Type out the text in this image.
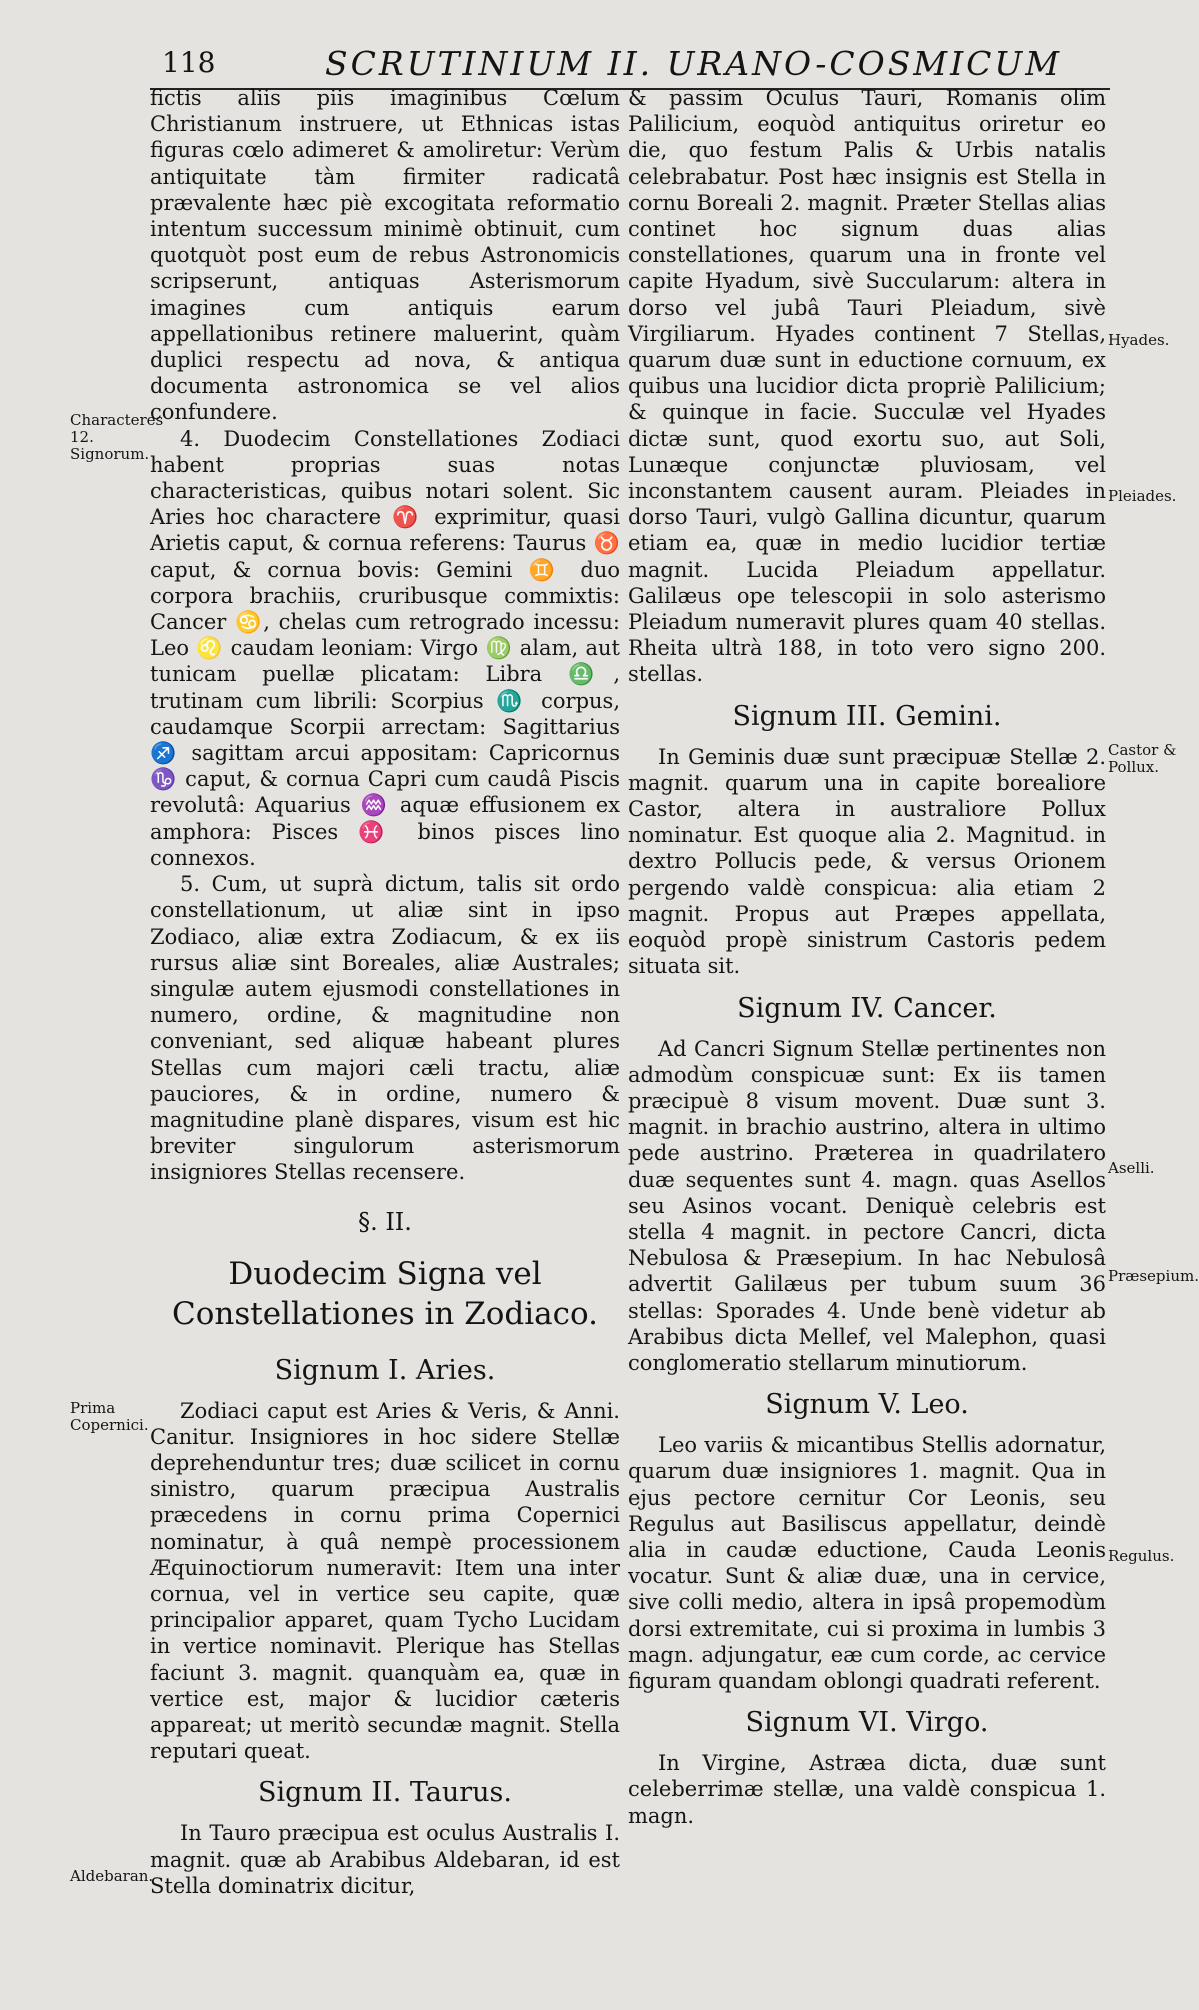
118	SCRUTINIUM II. URANO-COSMICUM

fictis aliis piis imaginibus Cœlum Christianum instruere, ut Ethnicas istas figuras cœlo adimeret & amoliretur: Verùm antiquitate tàm firmiter radicatâ prævalente hæc piè excogitata reformatio intentum successum minimè obtinuit, cum quotquòt post eum de rebus Astronomicis scripserunt, antiquas Asterismorum imagines cum antiquis earum appellationibus retinere maluerint, quàm duplici respectu ad nova, & antiqua documenta astronomica se vel alios confundere.

4. Duodecim Constellationes Zodiaci habent proprias suas notas characteristicas, quibus notari solent. Sic Aries hoc charactere ♈ exprimitur, quasi Arietis caput, & cornua referens: Taurus ♉ caput, & cornua bovis: Gemini ♊ duo corpora brachiis, cruribusque commixtis: Cancer ♋, chelas cum retrogrado incessu: Leo ♌ caudam leoniam: Virgo ♍ alam, aut tunicam puellæ plicatam: Libra ♎, trutinam cum librili: Scorpius ♏ corpus, caudamque Scorpii arrectam: Sagittarius ♐ sagittam arcui appositam: Capricornus ♑ caput, & cornua Capri cum caudâ Piscis revolutâ: Aquarius ♒ aquæ effusionem ex amphora: Pisces ♓ binos pisces lino connexos.

5. Cum, ut suprà dictum, talis sit ordo constellationum, ut aliæ sint in ipso Zodiaco, aliæ extra Zodiacum, & ex iis rursus aliæ sint Boreales, aliæ Australes; singulæ autem ejusmodi constellationes in numero, ordine, & magnitudine non conveniant, sed aliquæ habeant plures Stellas cum majori cæli tractu, aliæ pauciores, & in ordine, numero & magnitudine planè dispares, visum est hic breviter singulorum asterismorum insigniores Stellas recensere.

§. II.
Duodecim Signa vel Constellationes in Zodiaco.
Signum I. Aries.

Zodiaci caput est Aries & Veris, & Anni. Canitur. Insigniores in hoc sidere Stellæ deprehenduntur tres; duæ scilicet in cornu sinistro, quarum præcipua Australis præcedens in cornu prima Copernici nominatur, à quâ nempè processionem Æquinoctiorum numeravit: Item una inter cornua, vel in vertice seu capite, quæ principalior apparet, quam Tycho Lucidam in vertice nominavit. Plerique has Stellas faciunt 3. magnit. quanquàm ea, quæ in vertice est, major & lucidior cæteris appareat; ut meritò secundæ magnit. Stella reputari queat.

Signum II. Taurus.

In Tauro præcipua est oculus Australis I. magnit. quæ ab Arabibus Aldebaran, id est Stella dominatrix dicitur,

& passim Oculus Tauri, Romanis olim Palilicium, eoquòd antiquitus oriretur eo die, quo festum Palis & Urbis natalis celebrabatur. Post hæc insignis est Stella in cornu Boreali 2. magnit. Præter Stellas alias continet hoc signum duas alias constellationes, quarum una in fronte vel capite Hyadum, sivè Succularum: altera in dorso vel jubâ Tauri Pleiadum, sivè Virgiliarum. Hyades continent 7 Stellas, quarum duæ sunt in eductione cornuum, ex quibus una lucidior dicta propriè Palilicium; & quinque in facie. Succulæ vel Hyades dictæ sunt, quod exortu suo, aut Soli, Lunæque conjunctæ pluviosam, vel inconstantem causent auram. Pleiades in dorso Tauri, vulgò Gallina dicuntur, quarum etiam ea, quæ in medio lucidior tertiæ magnit. Lucida Pleiadum appellatur. Galilæus ope telescopii in solo asterismo Pleiadum numeravit plures quam 40 stellas. Rheita ultrà 188, in toto vero signo 200. stellas.

Signum III. Gemini.

In Geminis duæ sunt præcipuæ Stellæ 2. magnit. quarum una in capite borealiore Castor, altera in australiore Pollux nominatur. Est quoque alia 2. Magnitud. in dextro Pollucis pede, & versus Orionem pergendo valdè conspicua: alia etiam 2 magnit. Propus aut Præpes appellata, eoquòd propè sinistrum Castoris pedem situata sit.

Signum IV. Cancer.

Ad Cancri Signum Stellæ pertinentes non admodùm conspicuæ sunt: Ex iis tamen præcipuè 8 visum movent. Duæ sunt 3. magnit. in brachio austrino, altera in ultimo pede austrino. Præterea in quadrilatero duæ sequentes sunt 4. magn. quas Asellos seu Asinos vocant. Deniquè celebris est stella 4 magnit. in pectore Cancri, dicta Nebulosa & Præsepium. In hac Nebulosâ advertit Galilæus per tubum suum 36 stellas: Sporades 4. Unde benè videtur ab Arabibus dicta Mellef, vel Malephon, quasi conglomeratio stellarum minutiorum.

Signum V. Leo.

Leo variis & micantibus Stellis adornatur, quarum duæ insigniores 1. magnit. Qua in ejus pectore cernitur Cor Leonis, seu Regulus aut Basiliscus appellatur, deindè alia in caudæ eductione, Cauda Leonis vocatur. Sunt & aliæ duæ, una in cervice, sive colli medio, altera in ipsâ propemodùm dorsi extremitate, cui si proxima in lumbis 3 magn. adjungatur, eæ cum corde, ac cervice figuram quandam oblongi quadrati referent.

Signum VI. Virgo.

In Virgine, Astræa dicta, duæ sunt celeberrimæ stellæ, una valdè conspicua 1. magn.

Characteres 12. Signorum.
Prima Copernici.
Aldebaran.
Hyades.
Pleiades.
Castor & Pollux.
Aselli.
Præsepium.
Regulus.
